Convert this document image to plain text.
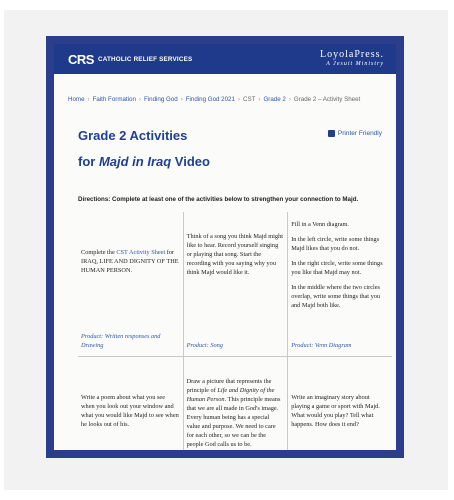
CRS CATHOLIC RELIEF SERVICES	LoyolaPress.
A Jesuit Ministry
Home › Faith Formation › Finding God › Finding God 2021 › CST › Grade 2 › Grade 2 – Activity Sheet
Grade 2 Activities
for Majd in Iraq Video
Printer Friendly
Directions: Complete at least one of the activities below to strengthen your connection to Majd.
Complete the CST Activity Sheet for IRAQ, LIFE AND DIGNITY OF THE HUMAN PERSON.
Product: Written responses and Drawing
Think of a song you think Majd might like to hear. Record yourself singing or playing that song. Start the recording with you saying why you think Majd would like it.
Product: Song

Fill in a Venn diagram.

In the left circle, write some things Majd likes that you do not.

In the right circle, write some things you like that Majd may not.

In the middle where the two circles overlap, write some things that you and Majd both like.

Product: Venn Diagram
Write a poem about what you see when you look out your window and what you would like Majd to see when he looks out of his.
Draw a picture that represents the principle of Life and Dignity of the Human Person. This principle means that we are all made in God's image. Every human being has a special value and purpose. We need to care for each other, so we can be the people God calls us to be.
Write an imaginary story about playing a game or sport with Majd. What would you play? Tell what happens. How does it end?
